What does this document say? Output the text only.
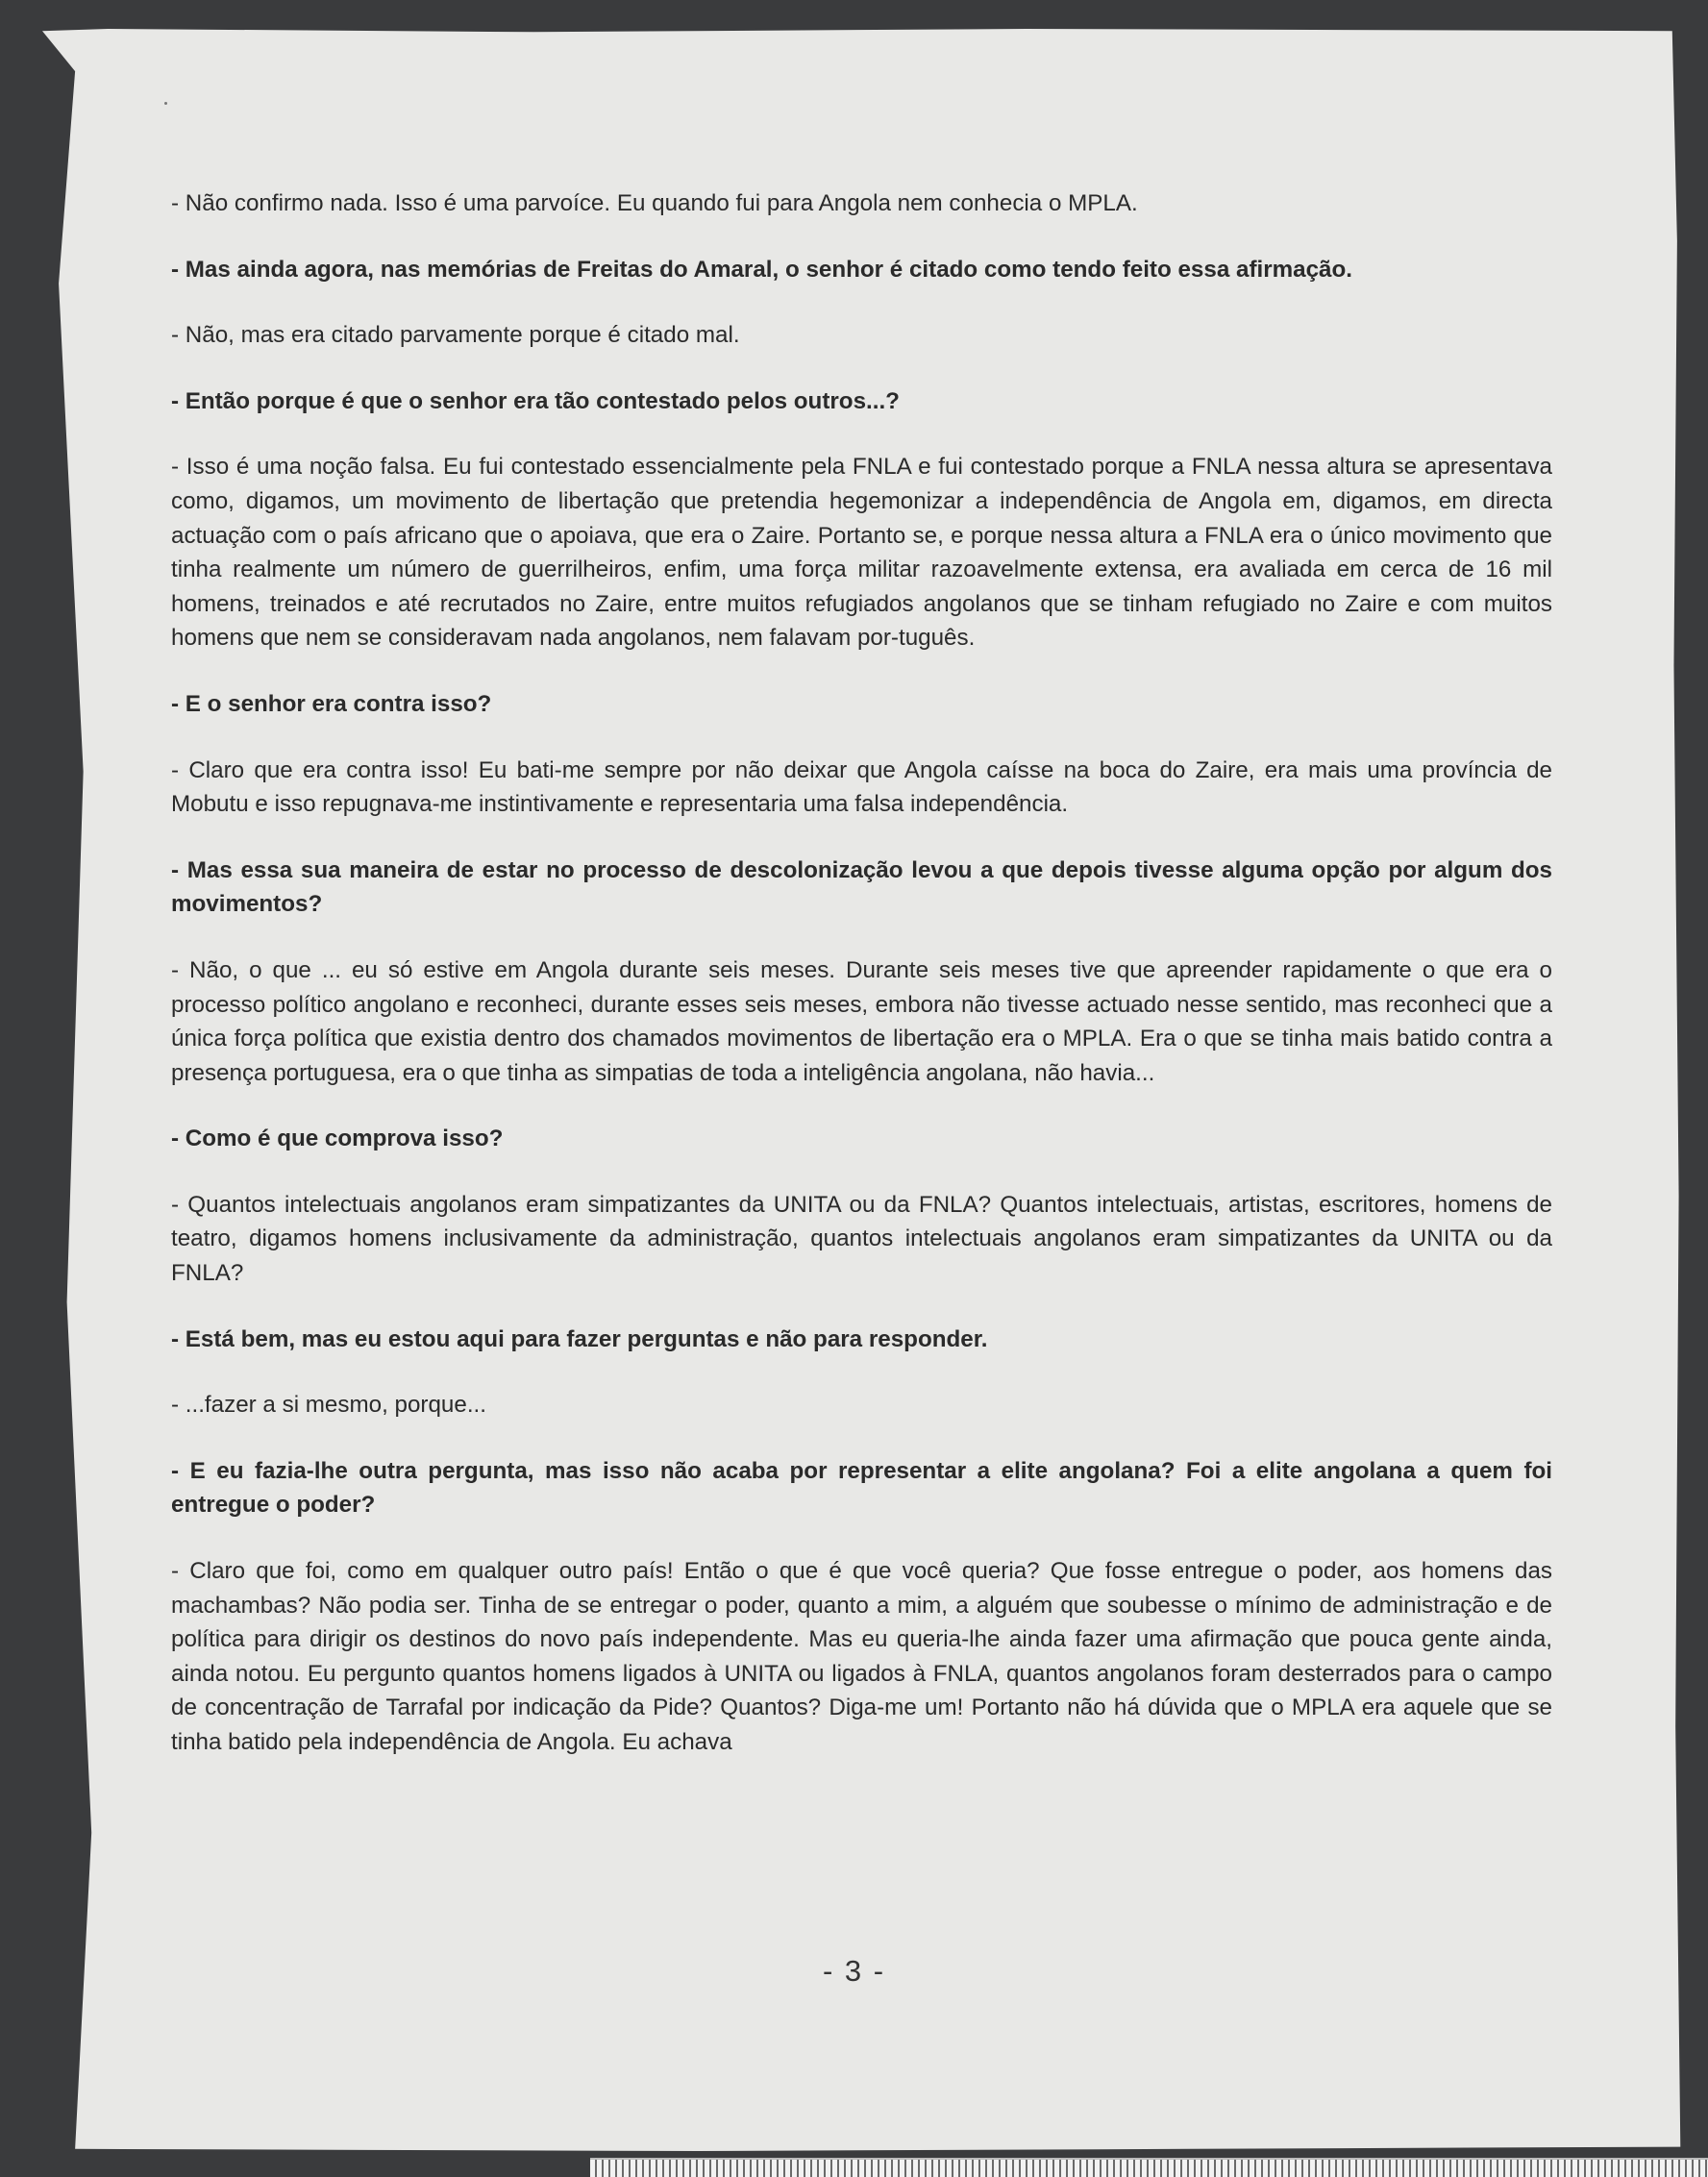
- Não confirmo nada. Isso é uma parvoíce. Eu quando fui para Angola nem conhecia o MPLA.

- Mas ainda agora, nas memórias de Freitas do Amaral, o senhor é citado como tendo feito essa afirmação.

- Não, mas era citado parvamente porque é citado mal.

- Então porque é que o senhor era tão contestado pelos outros...?

- Isso é uma noção falsa. Eu fui contestado essencialmente pela FNLA e fui contestado porque a FNLA nessa altura se apresentava como, digamos, um movimento de libertação que pretendia hegemonizar a independência de Angola em, digamos, em directa actuação com o país africano que o apoiava, que era o Zaire. Portanto se, e porque nessa altura a FNLA era o único movimento que tinha realmente um número de guerrilheiros, enfim, uma força militar razoavelmente extensa, era avaliada em cerca de 16 mil homens, treinados e até recrutados no Zaire, entre muitos refugiados angolanos que se tinham refugiado no Zaire e com muitos homens que nem se consideravam nada angolanos, nem falavam por-tuguês.

- E o senhor era contra isso?

- Claro que era contra isso! Eu bati-me sempre por não deixar que Angola caísse na boca do Zaire, era mais uma província de Mobutu e isso repugnava-me instintivamente e representaria uma falsa independência.

- Mas essa sua maneira de estar no processo de descolonização levou a que depois tivesse alguma opção por algum dos movimentos?

- Não, o que ... eu só estive em Angola durante seis meses. Durante seis meses tive que apreender rapidamente o que era o processo político angolano e reconheci, durante esses seis meses, embora não tivesse actuado nesse sentido, mas reconheci que a única força política que existia dentro dos chamados movimentos de libertação era o MPLA. Era o que se tinha mais batido contra a presença portuguesa, era o que tinha as simpatias de toda a inteligência angolana, não havia...

- Como é que comprova isso?

- Quantos intelectuais angolanos eram simpatizantes da UNITA ou da FNLA? Quantos intelectuais, artistas, escritores, homens de teatro, digamos homens inclusivamente da administração, quantos intelectuais angolanos eram simpatizantes da UNITA ou da FNLA?

- Está bem, mas eu estou aqui para fazer perguntas e não para responder.

- ...fazer a si mesmo, porque...

- E eu fazia-lhe outra pergunta, mas isso não acaba por representar a elite angolana? Foi a elite angolana a quem foi entregue o poder?

- Claro que foi, como em qualquer outro país! Então o que é que você queria? Que fosse entregue o poder, aos homens das machambas? Não podia ser. Tinha de se entregar o poder, quanto a mim, a alguém que soubesse o mínimo de administração e de política para dirigir os destinos do novo país independente. Mas eu queria-lhe ainda fazer uma afirmação que pouca gente ainda, ainda notou. Eu pergunto quantos homens ligados à UNITA ou ligados à FNLA, quantos angolanos foram desterrados para o campo de concentração de Tarrafal por indicação da Pide? Quantos? Diga-me um! Portanto não há dúvida que o MPLA era aquele que se tinha batido pela independência de Angola. Eu achava

- 3 -
